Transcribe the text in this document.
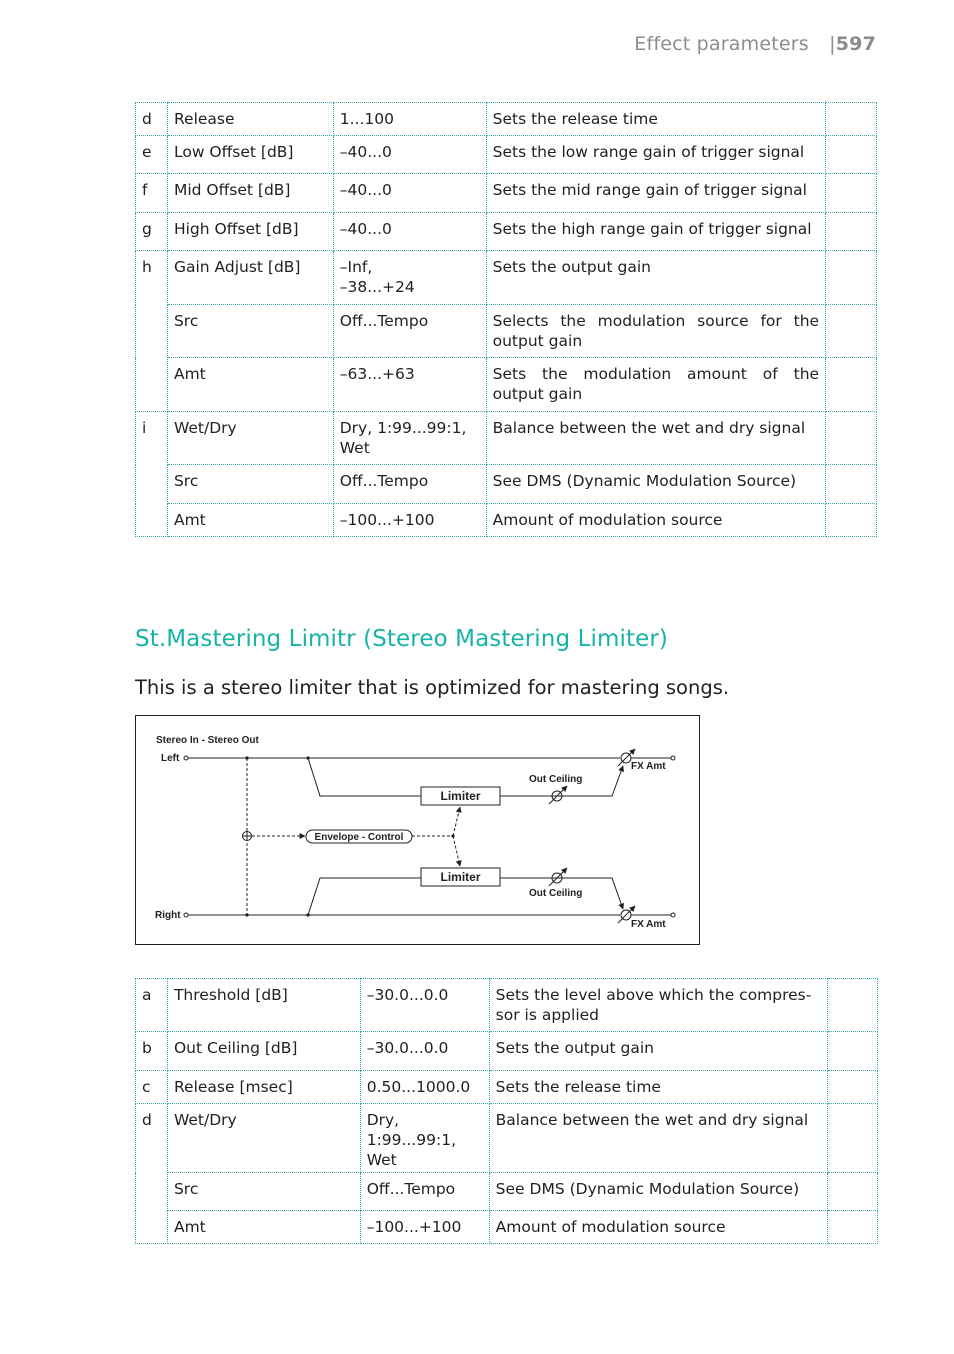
Effect parameters |597
d	Release	1...100	Sets the release time	
e	Low Offset [dB]	–40...0	Sets the low range gain of trigger signal	
f	Mid Offset [dB]	–40...0	Sets the mid range gain of trigger signal	
g	High Offset [dB]	–40...0	Sets the high range gain of trigger signal	
h	Gain Adjust [dB]	–Inf,
–38...+24	Sets the output gain	
	Src	Off...Tempo	Selects the modulation source for the output gain	
	Amt	–63...+63	Sets the modulation amount of the output gain	
i	Wet/Dry	Dry, 1:99...99:1,
Wet	Balance between the wet and dry signal	
	Src	Off...Tempo	See DMS (Dynamic Modulation Source)	
	Amt	–100...+100	Amount of modulation source	
St.Mastering Limitr (Stereo Mastering Limiter)

This is a stereo limiter that is optimized for mastering songs.

Stereo In - Stereo Out
Left
Right
Limiter
Out Ceiling
FX Amt
Limiter
Out Ceiling
FX Amt
Envelope - Control
a	Threshold [dB]	–30.0...0.0	Sets the level above which the compres-
sor is applied	
b	Out Ceiling [dB]	–30.0...0.0	Sets the output gain	
c	Release [msec]	0.50...1000.0	Sets the release time	
d	Wet/Dry	Dry, 1:99...99:1,
Wet	Balance between the wet and dry signal	
	Src	Off...Tempo	See DMS (Dynamic Modulation Source)	
	Amt	–100...+100	Amount of modulation source	
